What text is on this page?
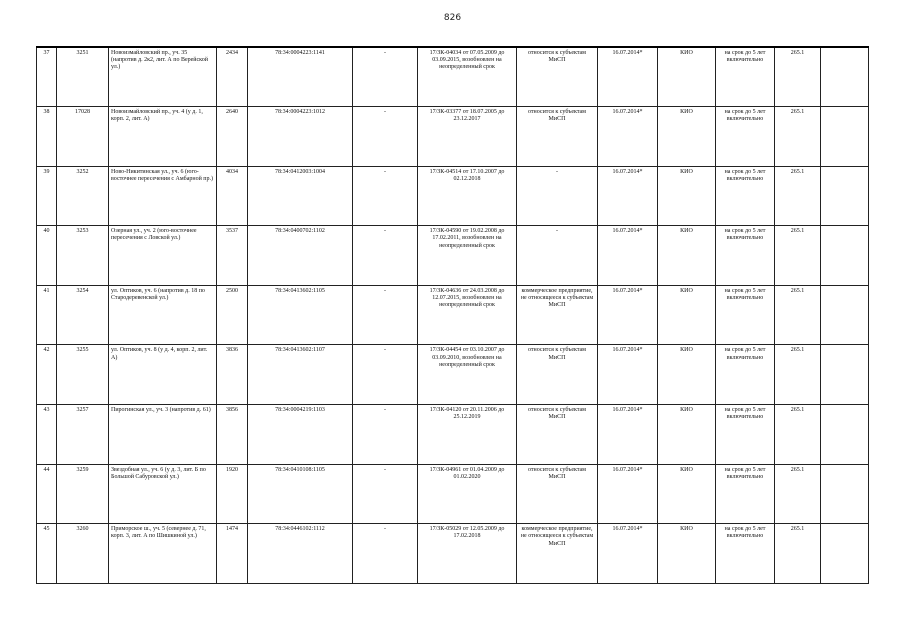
826
37	3251	Новоизмайловский пр., уч. 35 (напротив д. 2к2, лит. А по Верейской ул.)	2434	78:34:0004223:1141	-	17/ЗК-04034 от 07.05.2009 до 03.09.2015, возобновлен на неопределенный срок	относится к субъектам МиСП	16.07.2014*	КИО	на срок до 5 лет включительно	265.1	
38	17028	Новоизмайловский пр., уч. 4 (у д. 1, корп. 2, лит. А)	2640	78:34:0004223:1012	-	17/ЗК-03377 от 18.07.2005 до 23.12.2017	относится к субъектам МиСП	16.07.2014*	КИО	на срок до 5 лет включительно	265.1	
39	3252	Ново-Никитинская ул., уч. 6 (юго-восточнее пересечения с Амбарной пр.)	4034	78:34:0412003:1004	-	17/ЗК-04514 от 17.10.2007 до 02.12.2018	-	16.07.2014*	КИО	на срок до 5 лет включительно	265.1	
40	3253	Озерная ул., уч. 2 (юго-восточнее пересечения с Ловской ул.)	3537	78:34:0400702:1102	-	17/ЗК-04590 от 19.02.2008 до 17.02.2011, возобновлен на неопределенный срок	-	16.07.2014*	КИО	на срок до 5 лет включительно	265.1	
41	3254	ул. Оптиков, уч. 6 (напротив д. 18 по Стародеревенской ул.)	2500	78:34:0413602:1105	-	17/ЗК-04636 от 24.03.2008 до 12.07.2015, возобновлен на неопределенный срок	коммерческое предприятие, не относящееся к субъектам МиСП	16.07.2014*	КИО	на срок до 5 лет включительно	265.1	
42	3255	ул. Оптиков, уч. 8 (у д. 4, корп. 2, лит. А)	3836	78:34:0413602:1107	-	17/ЗК-04454 от 03.10.2007 до 03.09.2010, возобновлен на неопределенный срок	относится к субъектам МиСП	16.07.2014*	КИО	на срок до 5 лет включительно	265.1	
43	3257	Пирогинская ул., уч. 3 (напротив д. 61)	3856	78:34:0004219:1103	-	17/ЗК-04120 от 20.11.2006 до 25.12.2019	относится к субъектам МиСП	16.07.2014*	КИО	на срок до 5 лет включительно	265.1	
44	3259	Звездобная ул., уч. 6 (у д. 3, лит. Б по Большой Сабуровской ул.)	1920	78:34:0410108:1105	-	17/ЗК-04961 от 01.04.2009 до 01.02.2020	относится к субъектам МиСП	16.07.2014*	КИО	на срок до 5 лет включительно	265.1	
45	3260	Приморское ш., уч. 5 (севернее д. 71, корп. 3, лит. А по Шишкиной ул.)	1474	78:34:0446102:1112	-	17/ЗК-05029 от 12.05.2009 до 17.02.2018	коммерческое предприятие, не относящееся к субъектам МиСП	16.07.2014*	КИО	на срок до 5 лет включительно	265.1	
